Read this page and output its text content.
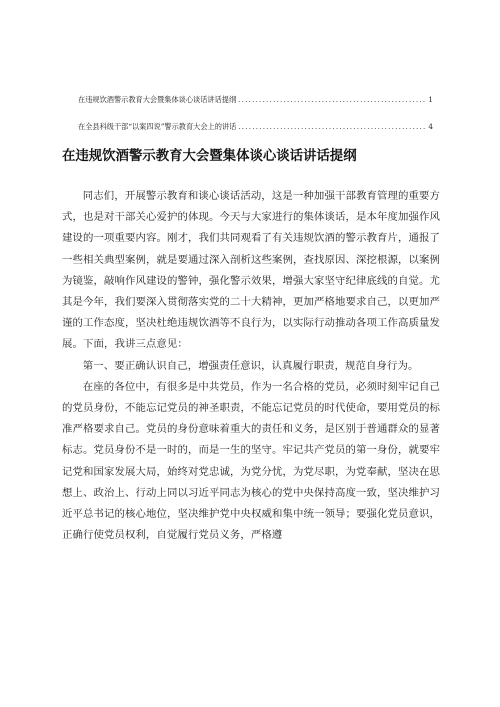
在违规饮酒警示教育大会暨集体谈心谈话讲话提纲 .....	1
在全县科级干部“以案四说”警示教育大会上的讲话 .....	4
在违规饮酒警示教育大会暨集体谈心谈话讲话提纲

同志们，开展警示教育和谈心谈话活动，这是一种加强干部教育管理的重要方式，也是对干部关心爱护的体现。今天与大家进行的集体谈话，是本年度加强作风建设的一项重要内容。刚才，我们共同观看了有关违规饮酒的警示教育片，通报了一些相关典型案例，就是要通过深入剖析这些案例，查找原因、深挖根源，以案例为镜鉴，敲响作风建设的警钟，强化警示效果，增强大家坚守纪律底线的自觉。尤其是今年，我们要深入贯彻落实党的二十大精神，更加严格地要求自己，以更加严谨的工作态度，坚决杜绝违规饮酒等不良行为，以实际行动推动各项工作高质量发展。下面，我讲三点意见：

第一、要正确认识自己，增强责任意识，认真履行职责，规范自身行为。

在座的各位中，有很多是中共党员，作为一名合格的党员，必须时刻牢记自己的党员身份，不能忘记党员的神圣职责，不能忘记党员的时代使命，要用党员的标准严格要求自己。党员的身份意味着重大的责任和义务，是区别于普通群众的显著标志。党员身份不是一时的，而是一生的坚守。牢记共产党员的第一身份，就要牢记党和国家发展大局，始终对党忠诚，为党分忧，为党尽职，为党奉献，坚决在思想上、政治上、行动上同以习近平同志为核心的党中央保持高度一致，坚决维护习近平总书记的核心地位，坚决维护党中央权威和集中统一领导；要强化党员意识，正确行使党员权利，自觉履行党员义务，严格遵
